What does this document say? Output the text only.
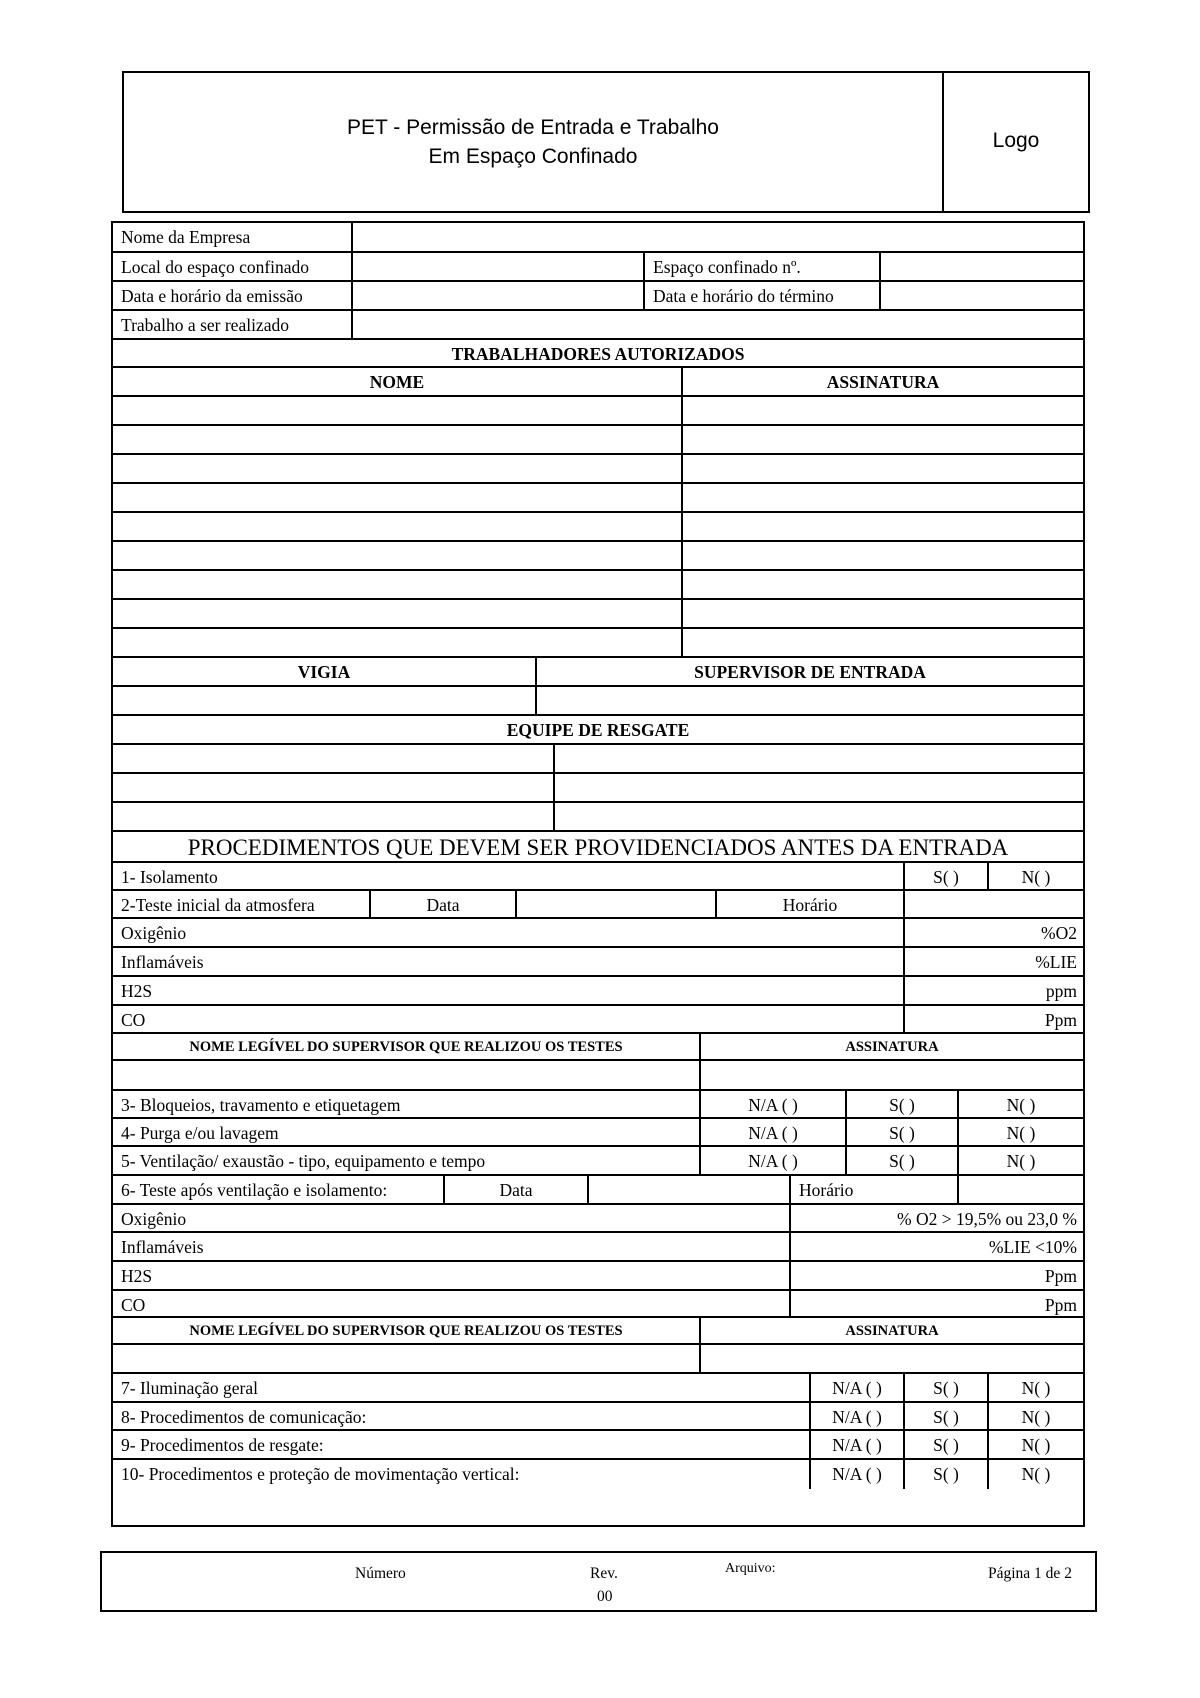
PET - Permissão de Entrada e Trabalho
Em Espaço Confinado
Logo
Nome da Empresa
Local do espaço confinado	Espaço confinado nº.
Data e horário da emissão	Data e horário do término
Trabalho a ser realizado
TRABALHADORES AUTORIZADOS
NOME	ASSINATURA
VIGIA	SUPERVISOR DE ENTRADA
EQUIPE DE RESGATE
PROCEDIMENTOS QUE DEVEM SER PROVIDENCIADOS ANTES DA ENTRADA
1- Isolamento	S( )	N( )
2-Teste inicial da atmosfera	Data	Horário
Oxigênio	%O2
Inflamáveis	%LIE
H2S	ppm
CO	Ppm
NOME LEGÍVEL DO SUPERVISOR QUE REALIZOU OS TESTES	ASSINATURA
3- Bloqueios, travamento e etiquetagem	N/A ( )	S( )	N( )
4- Purga e/ou lavagem	N/A ( )	S( )	N( )
5- Ventilação/ exaustão - tipo, equipamento e tempo	N/A ( )	S( )	N( )
6- Teste após ventilação e isolamento:	Data	Horário
Oxigênio	% O2 > 19,5% ou 23,0 %
Inflamáveis	%LIE <10%
H2S	Ppm
CO	Ppm
NOME LEGÍVEL DO SUPERVISOR QUE REALIZOU OS TESTES	ASSINATURA
7- Iluminação geral	N/A ( )	S( )	N( )
8- Procedimentos de comunicação:	N/A ( )	S( )	N( )
9- Procedimentos de resgate:	N/A ( )	S( )	N( )
10- Procedimentos e proteção de movimentação vertical:	N/A ( )	S( )	N( )
Número	Rev.
00
Arquivo:	Página 1 de 2
